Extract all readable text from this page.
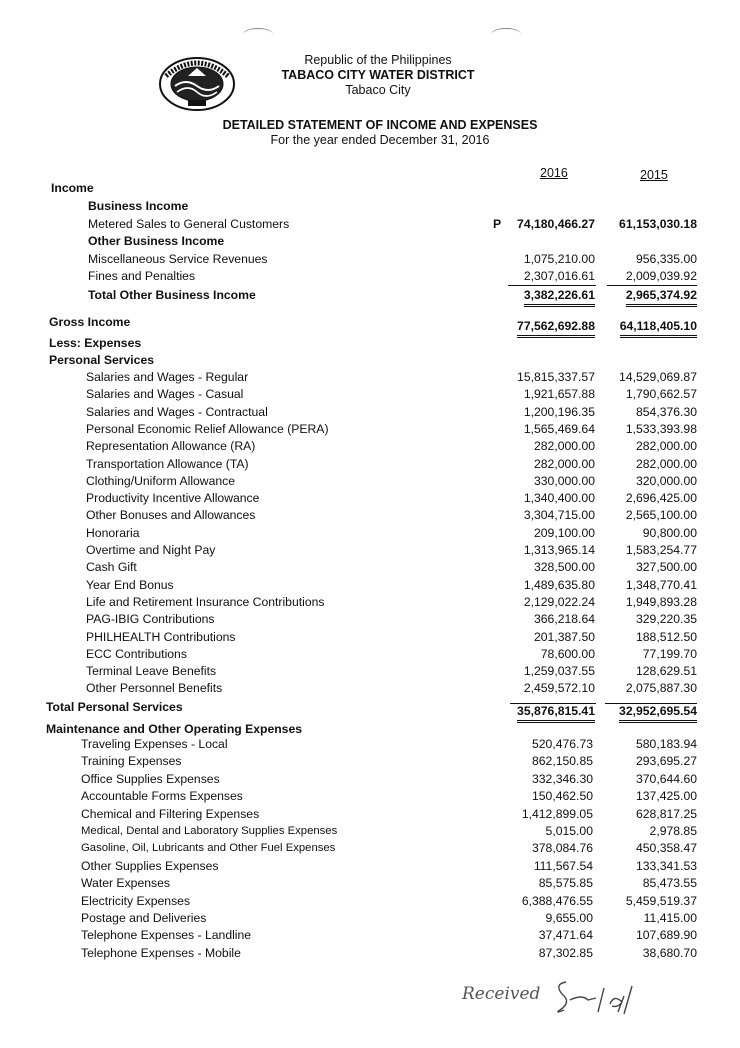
Republic of the Philippines
TABACO CITY WATER DISTRICT
Tabaco City
DETAILED STATEMENT OF INCOME AND EXPENSES
For the year ended December 31, 2016
2016	2015
Income
Business Income
Metered Sales to General Customers	P 74,180,466.27 61,153,030.18
Other Business Income
Miscellaneous Service Revenues	1,075,210.00	956,335.00
Fines and Penalties	2,307,016.61	2,009,039.92
Total Other Business Income	3,382,226.61	2,965,374.92
Gross Income	77,562,692.88 64,118,405.10
Less: Expenses
Personal Services
Salaries and Wages - Regular	15,815,337.57 14,529,069.87
Salaries and Wages - Casual	1,921,657.88	1,790,662.57
Salaries and Wages - Contractual	1,200,196.35	854,376.30
Personal Economic Relief Allowance (PERA)	1,565,469.64	1,533,393.98
Representation Allowance (RA)	282,000.00	282,000.00
Transportation Allowance (TA)	282,000.00	282,000.00
Clothing/Uniform Allowance	330,000.00	320,000.00
Productivity Incentive Allowance	1,340,400.00	2,696,425.00
Other Bonuses and Allowances	3,304,715.00	2,565,100.00
Honoraria	209,100.00	90,800.00
Overtime and Night Pay	1,313,965.14	1,583,254.77
Cash Gift	328,500.00	327,500.00
Year End Bonus	1,489,635.80	1,348,770.41
Life and Retirement Insurance Contributions	2,129,022.24	1,949,893.28
PAG-IBIG Contributions	366,218.64	329,220.35
PHILHEALTH Contributions	201,387.50	188,512.50
ECC Contributions	78,600.00	77,199.70
Terminal Leave Benefits	1,259,037.55	128,629.51
Other Personnel Benefits	2,459,572.10	2,075,887.30
Total Personal Services	35,876,815.41 32,952,695.54
Maintenance and Other Operating Expenses
Traveling Expenses - Local	520,476.73	580,183.94
Training Expenses	862,150.85	293,695.27
Office Supplies Expenses	332,346.30	370,644.60
Accountable Forms Expenses	150,462.50	137,425.00
Chemical and Filtering Expenses	1,412,899.05	628,817.25
Medical, Dental and Laboratory Supplies Expenses	5,015.00	2,978.85
Gasoline, Oil, Lubricants and Other Fuel Expenses	378,084.76	450,358.47
Other Supplies Expenses	111,567.54	133,341.53
Water Expenses	85,575.85	85,473.55
Electricity Expenses	6,388,476.55	5,459,519.37
Postage and Deliveries	9,655.00	11,415.00
Telephone Expenses - Landline	37,471.64	107,689.90
Telephone Expenses - Mobile	87,302.85	38,680.70
Received
